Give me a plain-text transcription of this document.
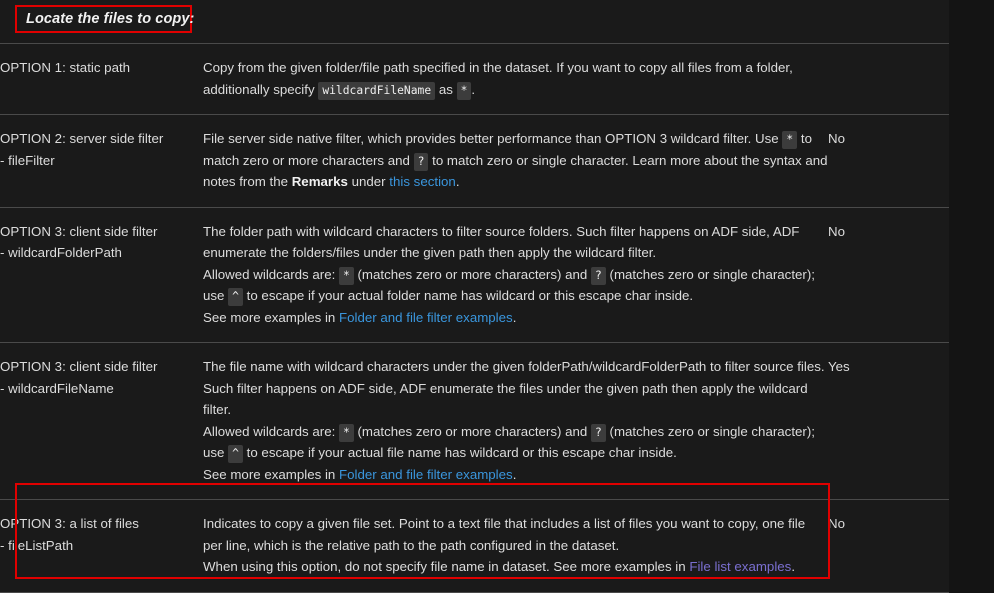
Locate the files to copy:
OPTION 1: static path	Copy from the given folder/file path specified in the dataset. If you want to copy all files from a folder, additionally specify wildcardFileName as * .	

OPTION 2: server side filter
- fileFilter	File server side native filter, which provides better performance than OPTION 3 wildcard filter. Use * to match zero or more characters and ? to match zero or single character. Learn more about the syntax and notes from the Remarks under this section.	No

OPTION 3: client side filter
- wildcardFolderPath	The folder path with wildcard characters to filter source folders. Such filter happens on ADF side, ADF enumerate the folders/files under the given path then apply the wildcard filter.
Allowed wildcards are: * (matches zero or more characters) and ? (matches zero or single character); use ^ to escape if your actual folder name has wildcard or this escape char inside.
See more examples in Folder and file filter examples.	No

OPTION 3: client side filter
- wildcardFileName	The file name with wildcard characters under the given folderPath/wildcardFolderPath to filter source files. Such filter happens on ADF side, ADF enumerate the files under the given path then apply the wildcard filter.
Allowed wildcards are: * (matches zero or more characters) and ? (matches zero or single character); use ^ to escape if your actual file name has wildcard or this escape char inside.
See more examples in Folder and file filter examples.	Yes

OPTION 3: a list of files
- fileListPath	Indicates to copy a given file set. Point to a text file that includes a list of files you want to copy, one file per line, which is the relative path to the path configured in the dataset.
When using this option, do not specify file name in dataset. See more examples in File list examples.	No
